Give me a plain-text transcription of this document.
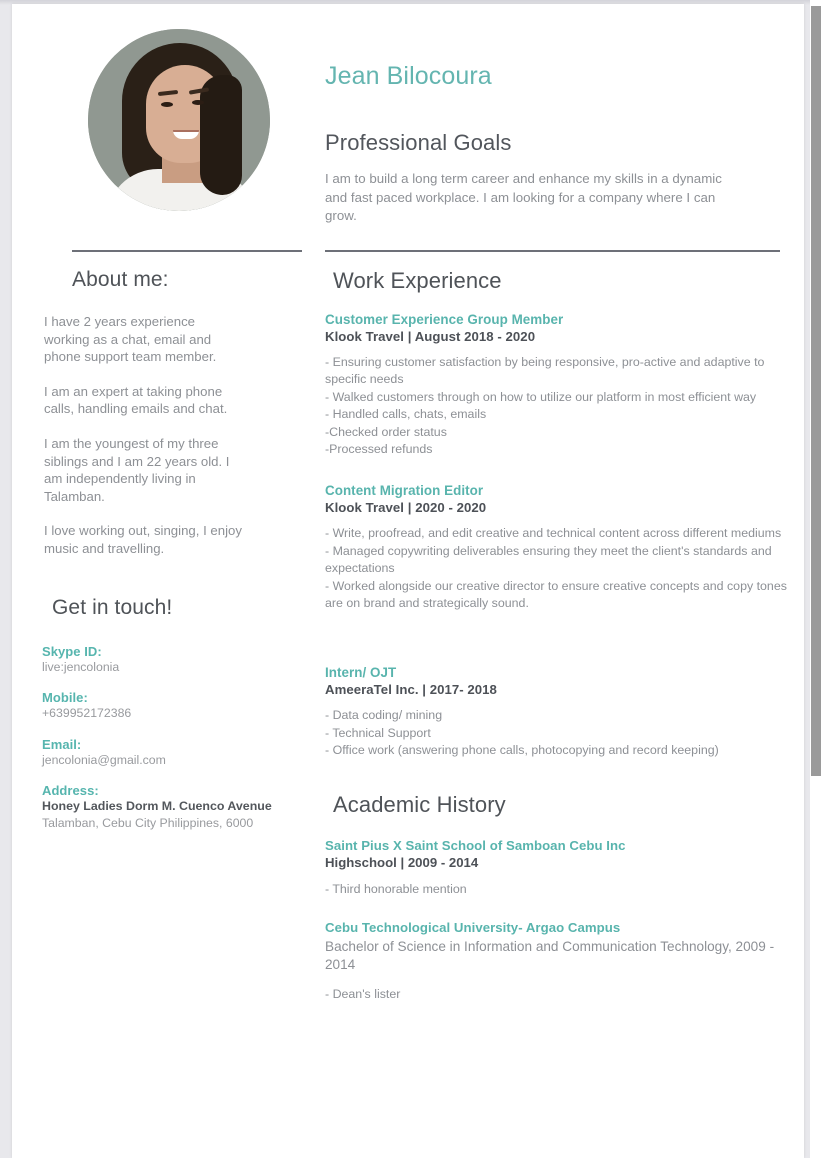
Jean Bilocoura
Professional Goals
I am to build a long term career and enhance my skills in a dynamic and fast paced workplace. I am looking for a company where I can grow.
About me:
I have 2 years experience working as a chat, email and phone support team member.
I am an expert at taking phone calls, handling emails and chat.
I am the youngest of my three siblings and I am 22 years old. I am independently living in Talamban.
I love working out, singing, I enjoy music and travelling.
Get in touch!
Skype ID:
live:jencolonia
Mobile:
+639952172386
Email:
jencolonia@gmail.com
Address:
Honey Ladies Dorm M. Cuenco Avenue
Talamban, Cebu City Philippines, 6000
Work Experience
Customer Experience Group Member
Klook Travel | August 2018 - 2020
- Ensuring customer satisfaction by being responsive, pro-active and adaptive to specific needs
- Walked customers through on how to utilize our platform in most efficient way
- Handled calls, chats, emails
-Checked order status
-Processed refunds
Content Migration Editor
Klook Travel | 2020 - 2020
- Write, proofread, and edit creative and technical content across different mediums
- Managed copywriting deliverables ensuring they meet the client's standards and expectations
- Worked alongside our creative director to ensure creative concepts and copy tones are on brand and strategically sound.
Intern/ OJT
AmeeraTel Inc. | 2017- 2018
- Data coding/ mining
- Technical Support
- Office work (answering phone calls, photocopying and record keeping)
Academic History
Saint Pius X Saint School of Samboan Cebu Inc
Highschool | 2009 - 2014
- Third honorable mention
Cebu Technological University- Argao Campus
Bachelor of Science in Information and Communication Technology, 2009 - 2014
- Dean's lister
